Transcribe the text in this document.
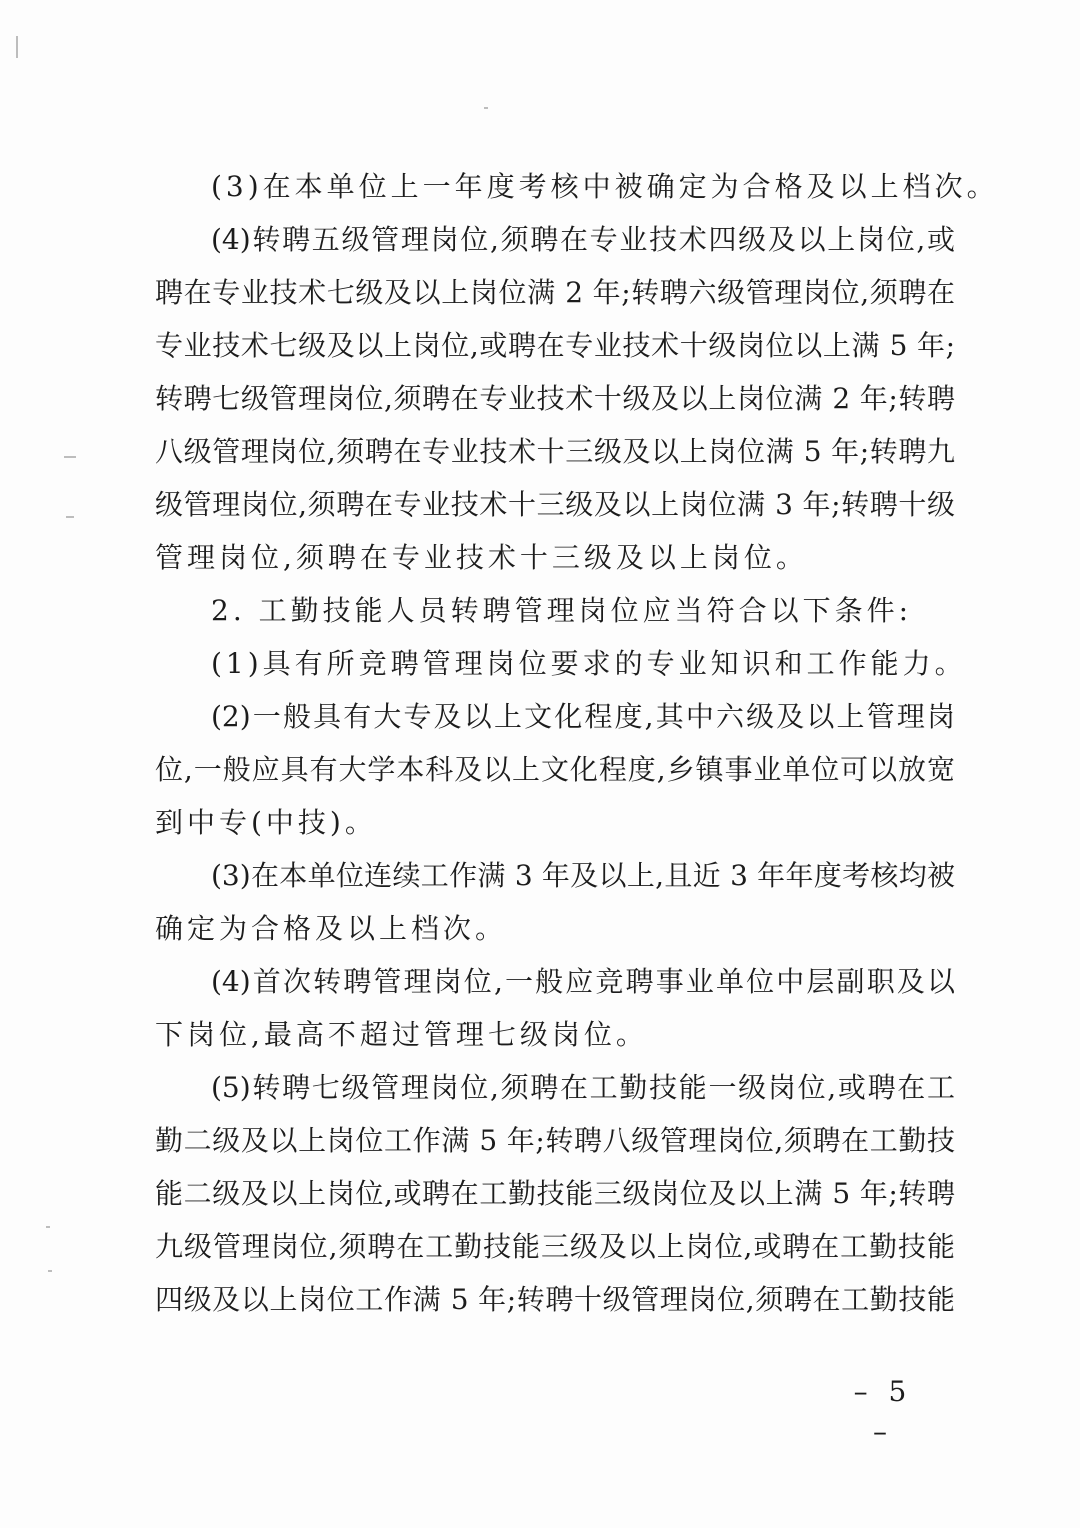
(3)在本单位上一年度考核中被确定为合格及以上档次。
(4)转聘五级管理岗位,须聘在专业技术四级及以上岗位,或
聘在专业技术七级及以上岗位满 2 年;转聘六级管理岗位,须聘在
专业技术七级及以上岗位,或聘在专业技术十级岗位以上满 5 年;
转聘七级管理岗位,须聘在专业技术十级及以上岗位满 2 年;转聘
八级管理岗位,须聘在专业技术十三级及以上岗位满 5 年;转聘九
级管理岗位,须聘在专业技术十三级及以上岗位满 3 年;转聘十级
管理岗位,须聘在专业技术十三级及以上岗位。
2. 工勤技能人员转聘管理岗位应当符合以下条件:
(1)具有所竞聘管理岗位要求的专业知识和工作能力。
(2)一般具有大专及以上文化程度,其中六级及以上管理岗
位,一般应具有大学本科及以上文化程度,乡镇事业单位可以放宽
到中专(中技)。
(3)在本单位连续工作满 3 年及以上,且近 3 年年度考核均被
确定为合格及以上档次。
(4)首次转聘管理岗位,一般应竞聘事业单位中层副职及以
下岗位,最高不超过管理七级岗位。
(5)转聘七级管理岗位,须聘在工勤技能一级岗位,或聘在工
勤二级及以上岗位工作满 5 年;转聘八级管理岗位,须聘在工勤技
能二级及以上岗位,或聘在工勤技能三级岗位及以上满 5 年;转聘
九级管理岗位,须聘在工勤技能三级及以上岗位,或聘在工勤技能
四级及以上岗位工作满 5 年;转聘十级管理岗位,须聘在工勤技能
– 5 –
